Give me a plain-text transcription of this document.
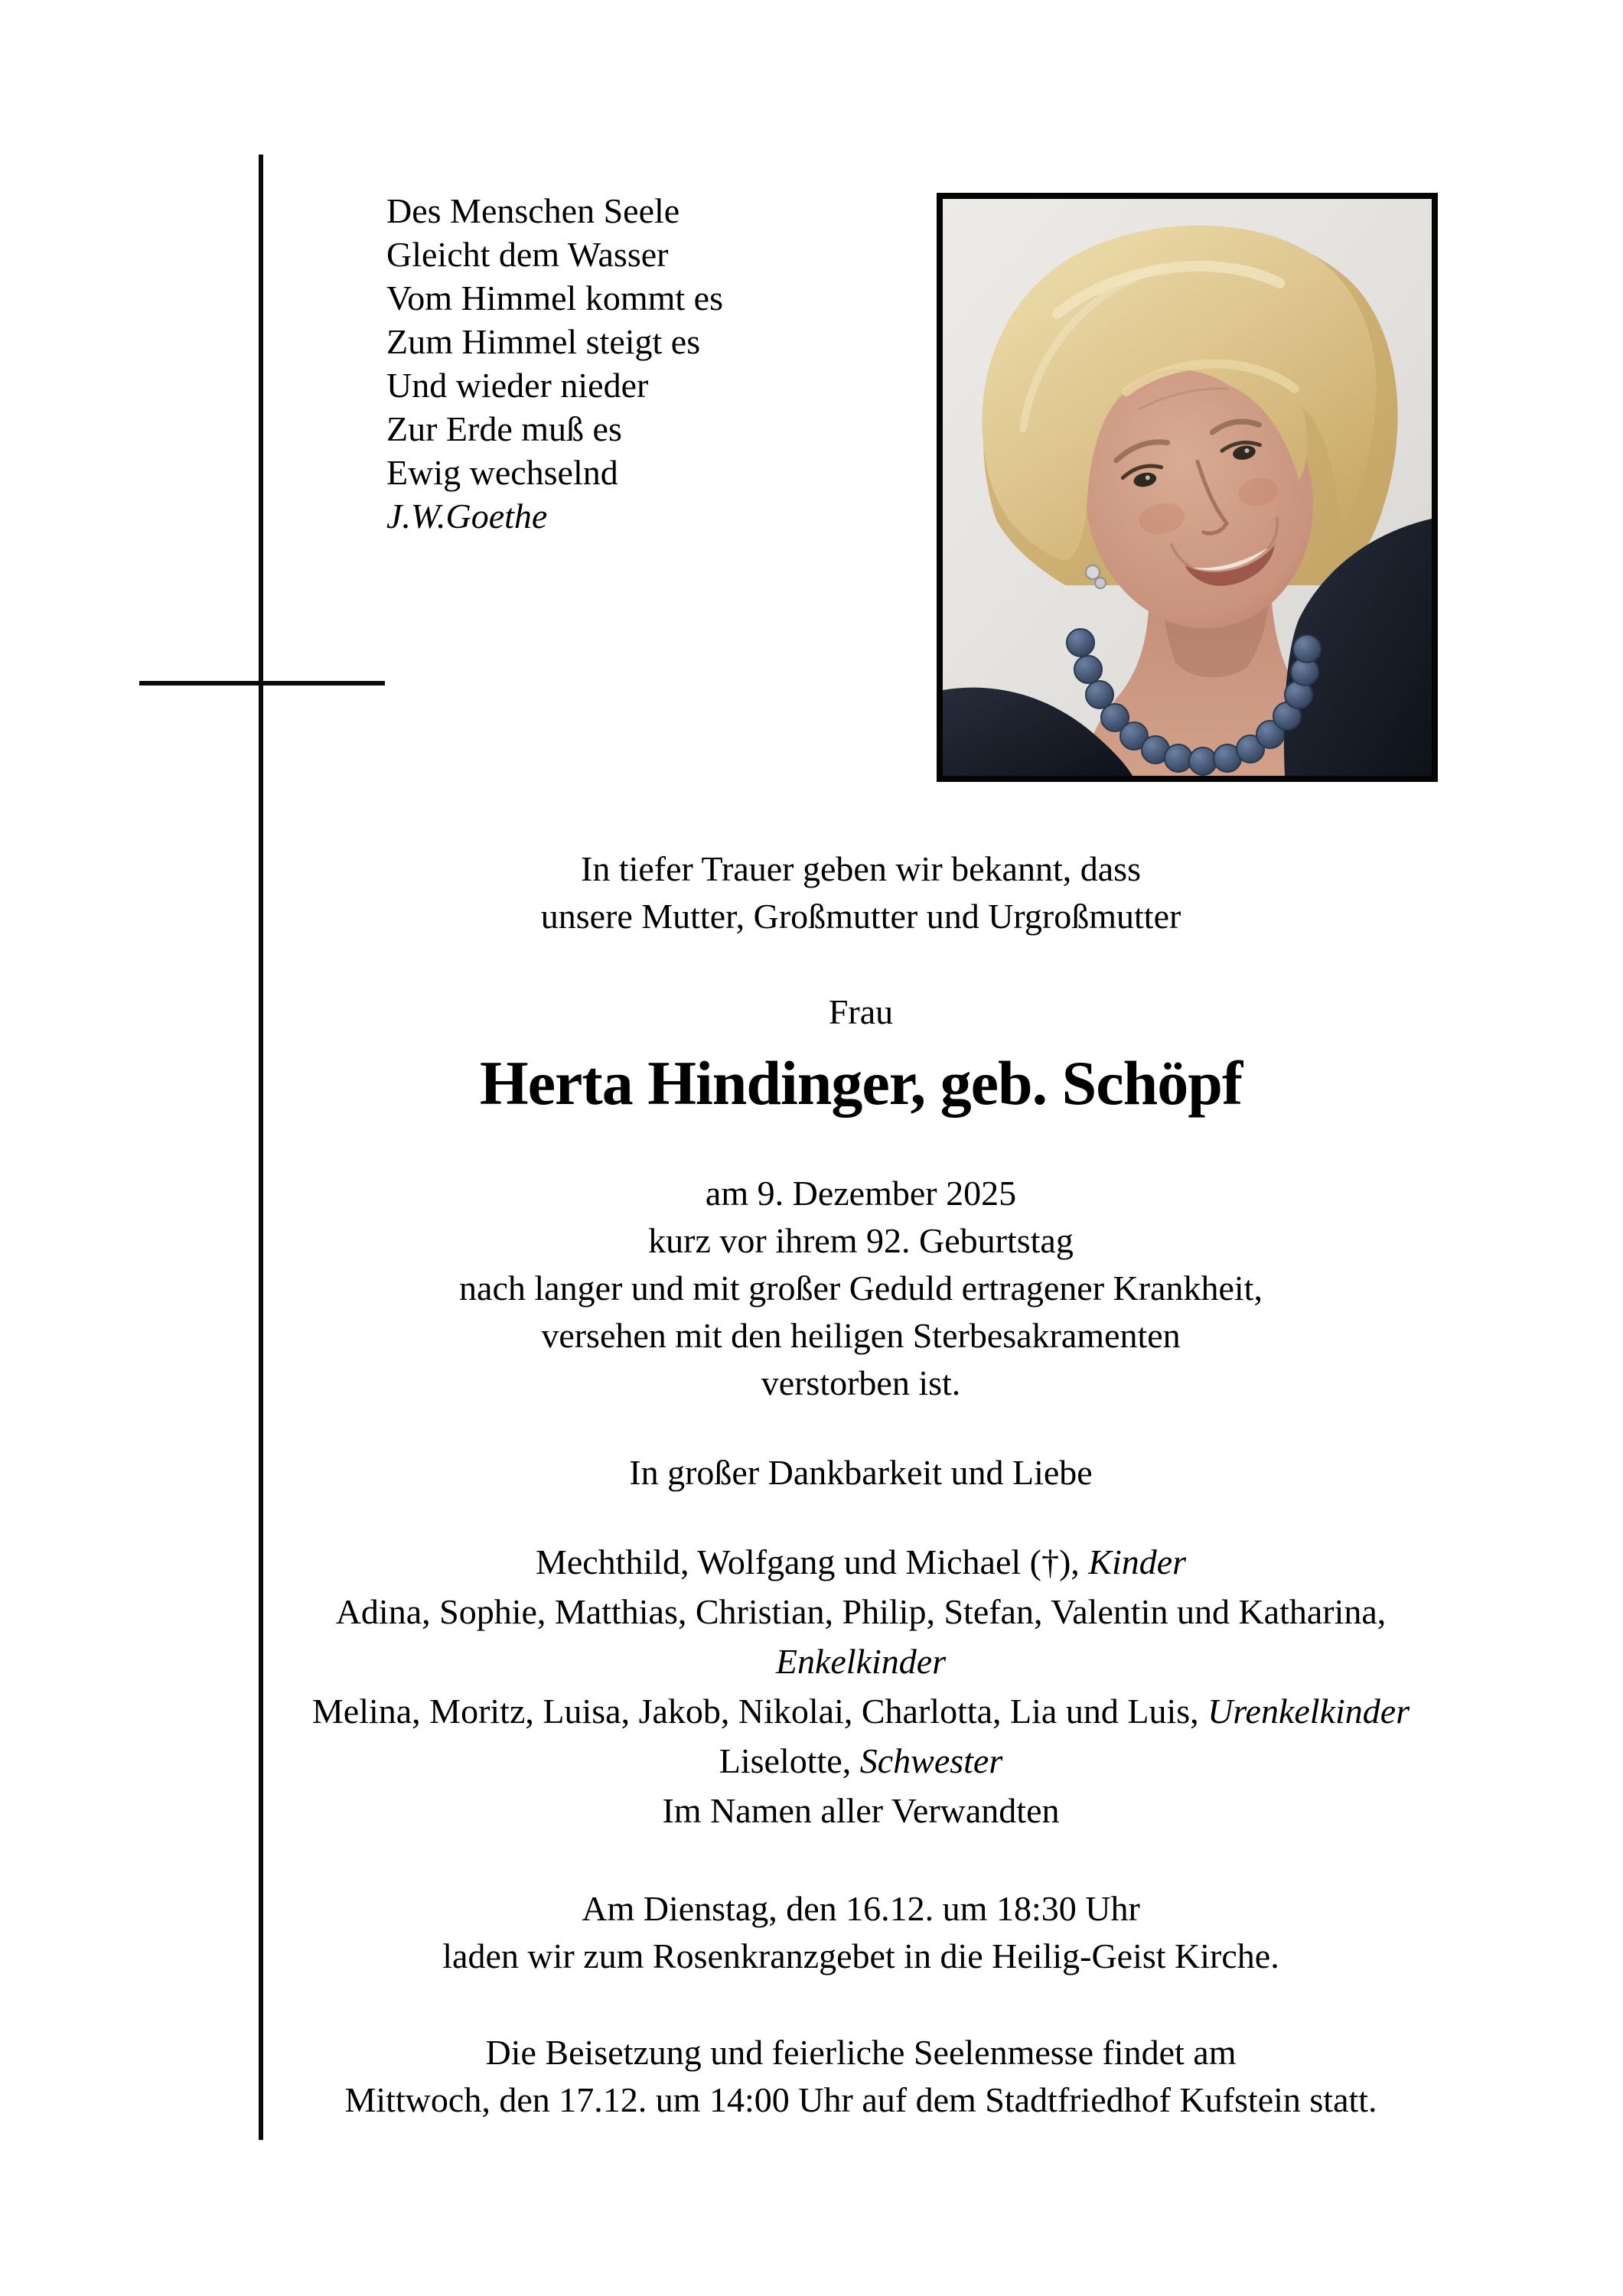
Des Menschen Seele
Gleicht dem Wasser
Vom Himmel kommt es
Zum Himmel steigt es
Und wieder nieder
Zur Erde muß es
Ewig wechselnd
J.W.Goethe
In tiefer Trauer geben wir bekannt, dass
unsere Mutter, Großmutter und Urgroßmutter
Frau
Herta Hindinger, geb. Schöpf
am 9. Dezember 2025
kurz vor ihrem 92. Geburtstag
nach langer und mit großer Geduld ertragener Krankheit,
versehen mit den heiligen Sterbesakramenten
verstorben ist.
In großer Dankbarkeit und Liebe
Mechthild, Wolfgang und Michael (†), Kinder
Adina, Sophie, Matthias, Christian, Philip, Stefan, Valentin und Katharina,
Enkelkinder
Melina, Moritz, Luisa, Jakob, Nikolai, Charlotta, Lia und Luis, Urenkelkinder
Liselotte, Schwester
Im Namen aller Verwandten
Am Dienstag, den 16.12. um 18:30 Uhr
laden wir zum Rosenkranzgebet in die Heilig-Geist Kirche.
Die Beisetzung und feierliche Seelenmesse findet am
Mittwoch, den 17.12. um 14:00 Uhr auf dem Stadtfriedhof Kufstein statt.
